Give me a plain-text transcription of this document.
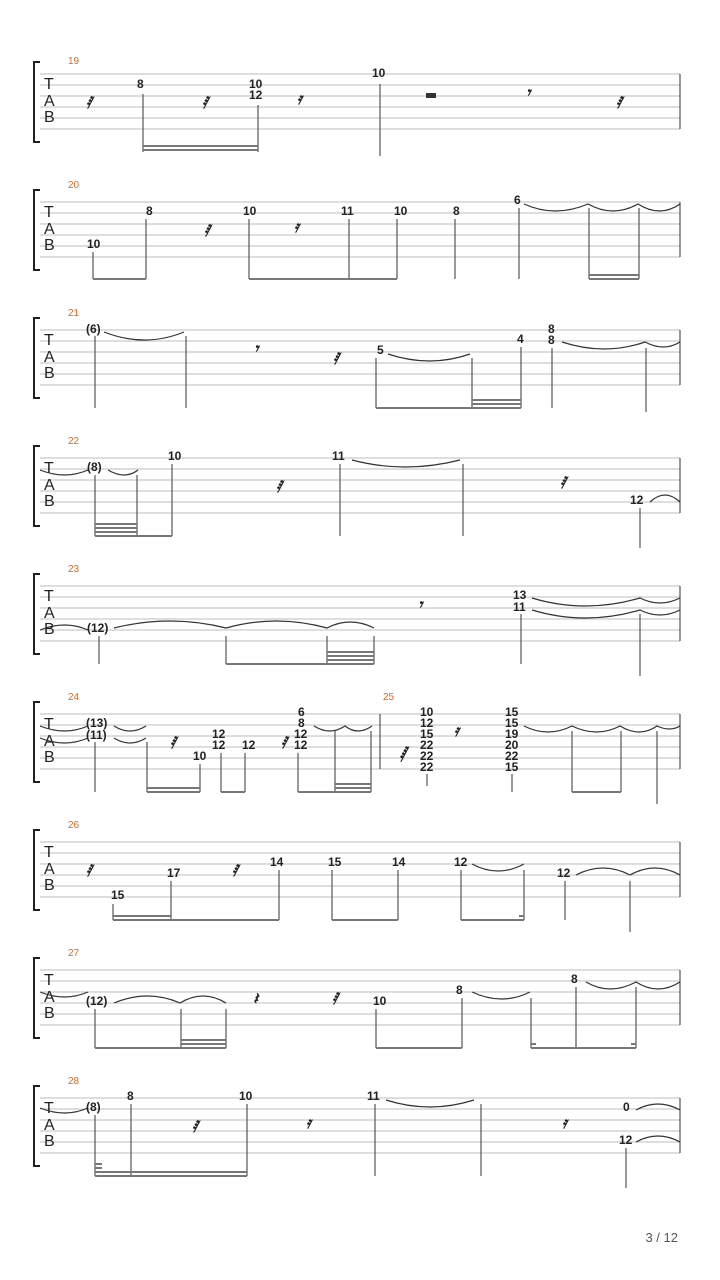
19
T
A
B
𝅀
8
𝅀
10
12 𝄿
10
𝄾
𝅀
20
T
A
B	10
8
𝅀
10
𝄿
11	10	8
6
21
T
A
B
(6)
𝄾
𝅀	5
4
8
8
22
T
A
B
(8)
10
𝅀
11
𝅀
12
23
T
A
B	(12)
𝄾	13
11
24	25
T
A
B
(13)
(11)	𝅀
10
12
12 12 𝅀
6
8
12
12	𝅁
10
12
15
22
22
22
𝄿
15
15
19
20
22
15
26
T
A
B
𝅀
15
17	𝅀	14	15	14	12
12
27
T
A
B
(12)	𝄽	𝅀	10
8
8
28
T
A
B
(8)
8
𝅀
10
𝄿
11
𝄿
0
12
3 / 12
